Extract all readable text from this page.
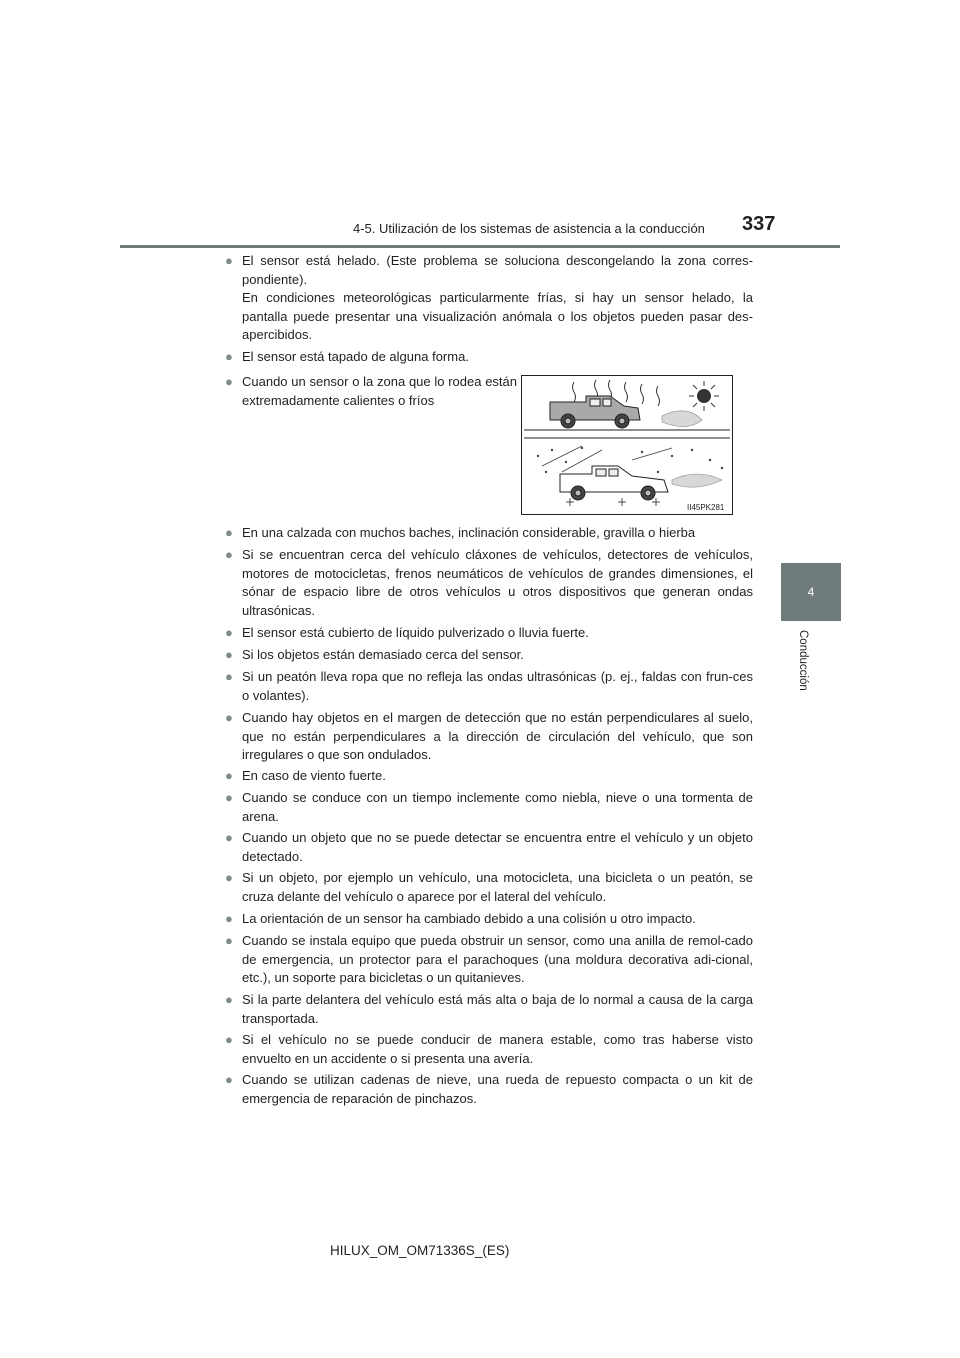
4-5. Utilización de los sistemas de asistencia a la conducción 337
4
Conducción
● El sensor está helado. (Este problema se soluciona descongelando la zona corres-pondiente).
En condiciones meteorológicas particularmente frías, si hay un sensor helado, la pantalla puede presentar una visualización anómala o los objetos pueden pasar des-apercibidos.
● El sensor está tapado de alguna forma.
● Cuando un sensor o la zona que lo rodea están extremadamente calientes o fríos
II45PK281
● En una calzada con muchos baches, inclinación considerable, gravilla o hierba
● Si se encuentran cerca del vehículo cláxones de vehículos, detectores de vehículos, motores de motocicletas, frenos neumáticos de vehículos de grandes dimensiones, el sónar de espacio libre de otros vehículos u otros dispositivos que generan ondas ultrasónicas.
● El sensor está cubierto de líquido pulverizado o lluvia fuerte.
● Si los objetos están demasiado cerca del sensor.
● Si un peatón lleva ropa que no refleja las ondas ultrasónicas (p. ej., faldas con frun-ces o volantes).
● Cuando hay objetos en el margen de detección que no están perpendiculares al suelo, que no están perpendiculares a la dirección de circulación del vehículo, que son irregulares o que son ondulados.
● En caso de viento fuerte.
● Cuando se conduce con un tiempo inclemente como niebla, nieve o una tormenta de arena.
● Cuando un objeto que no se puede detectar se encuentra entre el vehículo y un objeto detectado.
● Si un objeto, por ejemplo un vehículo, una motocicleta, una bicicleta o un peatón, se cruza delante del vehículo o aparece por el lateral del vehículo.
● La orientación de un sensor ha cambiado debido a una colisión u otro impacto.
● Cuando se instala equipo que pueda obstruir un sensor, como una anilla de remol-cado de emergencia, un protector para el parachoques (una moldura decorativa adi-cional, etc.), un soporte para bicicletas o un quitanieves.
● Si la parte delantera del vehículo está más alta o baja de lo normal a causa de la carga transportada.
● Si el vehículo no se puede conducir de manera estable, como tras haberse visto envuelto en un accidente o si presenta una avería.
● Cuando se utilizan cadenas de nieve, una rueda de repuesto compacta o un kit de emergencia de reparación de pinchazos.
HILUX_OM_OM71336S_(ES)
